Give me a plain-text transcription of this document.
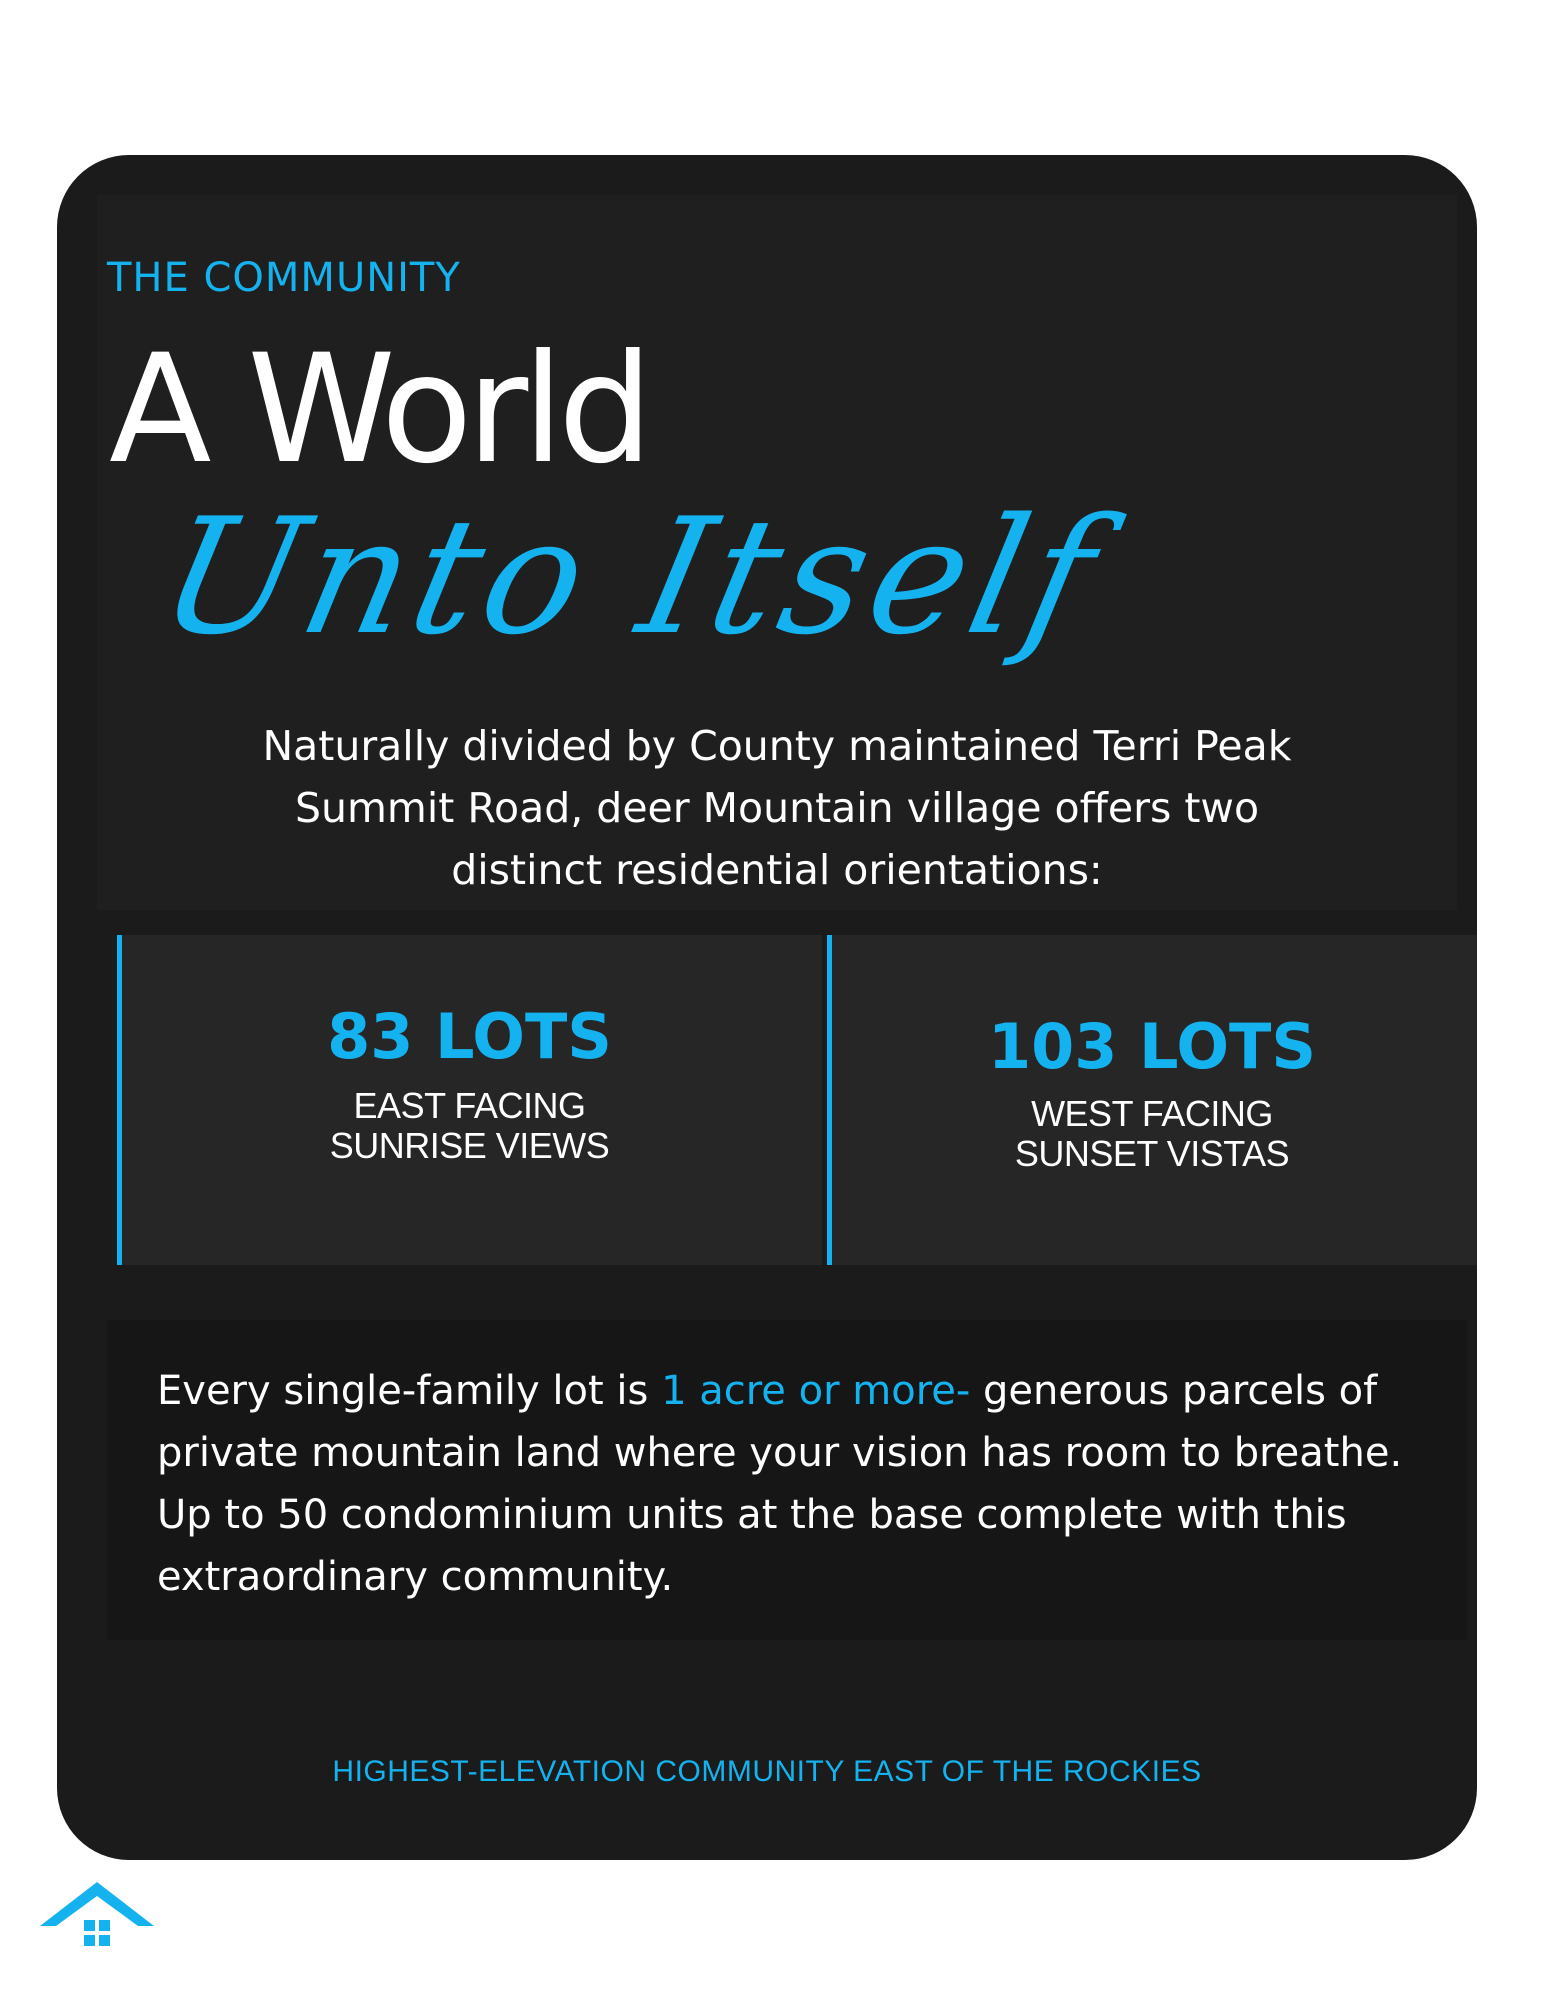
THE COMMUNITY
A World
Unto Itself
Naturally divided by County maintained Terri Peak
Summit Road, deer Mountain village offers two
distinct residential orientations:
83 LOTS
EAST FACING
SUNRISE VIEWS
103 LOTS
WEST FACING
SUNSET VISTAS
Every single-family lot is 1 acre or more- generous parcels of private mountain land where your vision has room to breathe. Up to 50 condominium units at the base complete with this extraordinary community.
HIGHEST-ELEVATION COMMUNITY EAST OF THE ROCKIES
